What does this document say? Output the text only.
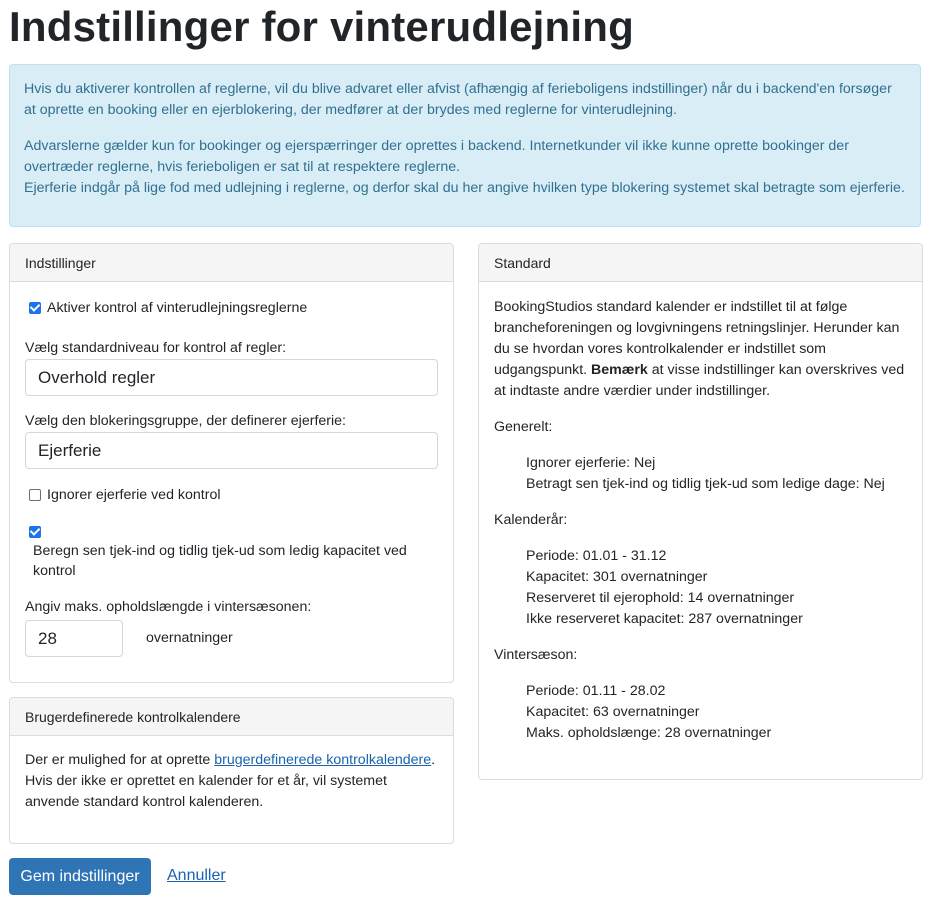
Indstillinger for vinterudlejning

Hvis du aktiverer kontrollen af reglerne, vil du blive advaret eller afvist (afhængig af ferieboligens indstillinger) når du i backend'en forsøger at oprette en booking eller en ejerblokering, der medfører at der brydes med reglerne for vinterudlejning.

Advarslerne gælder kun for bookinger og ejerspærringer der oprettes i backend. Internetkunder vil ikke kunne oprette bookinger der overtræder reglerne, hvis ferieboligen er sat til at respektere reglerne.
Ejerferie indgår på lige fod med udlejning i reglerne, og derfor skal du her angive hvilken type blokering systemet skal betragte som ejerferie.

Indstillinger
Aktiver kontrol af vinterudlejningsreglerne
Vælg standardniveau for kontrol af regler:
Overhold regler
Vælg den blokeringsgruppe, der definerer ejerferie:
Ejerferie
Ignorer ejerferie ved kontrol
Beregn sen tjek-ind og tidlig tjek-ud som ledig kapacitet ved kontrol
Angiv maks. opholdslængde i vintersæsonen:
28	overnatninger
Brugerdefinerede kontrolkalendere
Der er mulighed for at oprette brugerdefinerede kontrolkalendere. Hvis der ikke er oprettet en kalender for et år, vil systemet anvende standard kontrol kalenderen.
Standard
BookingStudios standard kalender er indstillet til at følge brancheforeningen og lovgivningens retningslinjer. Herunder kan du se hvordan vores kontrolkalender er indstillet som udgangspunkt. Bemærk at visse indstillinger kan overskrives ved at indtaste andre værdier under indstillinger.
Generelt:
Ignorer ejerferie: Nej
Betragt sen tjek-ind og tidlig tjek-ud som ledige dage: Nej
Kalenderår:
Periode: 01.01 - 31.12
Kapacitet: 301 overnatninger
Reserveret til ejerophold: 14 overnatninger
Ikke reserveret kapacitet: 287 overnatninger
Vintersæson:
Periode: 01.11 - 28.02
Kapacitet: 63 overnatninger
Maks. opholdslænge: 28 overnatninger
Gem indstillinger	Annuller
